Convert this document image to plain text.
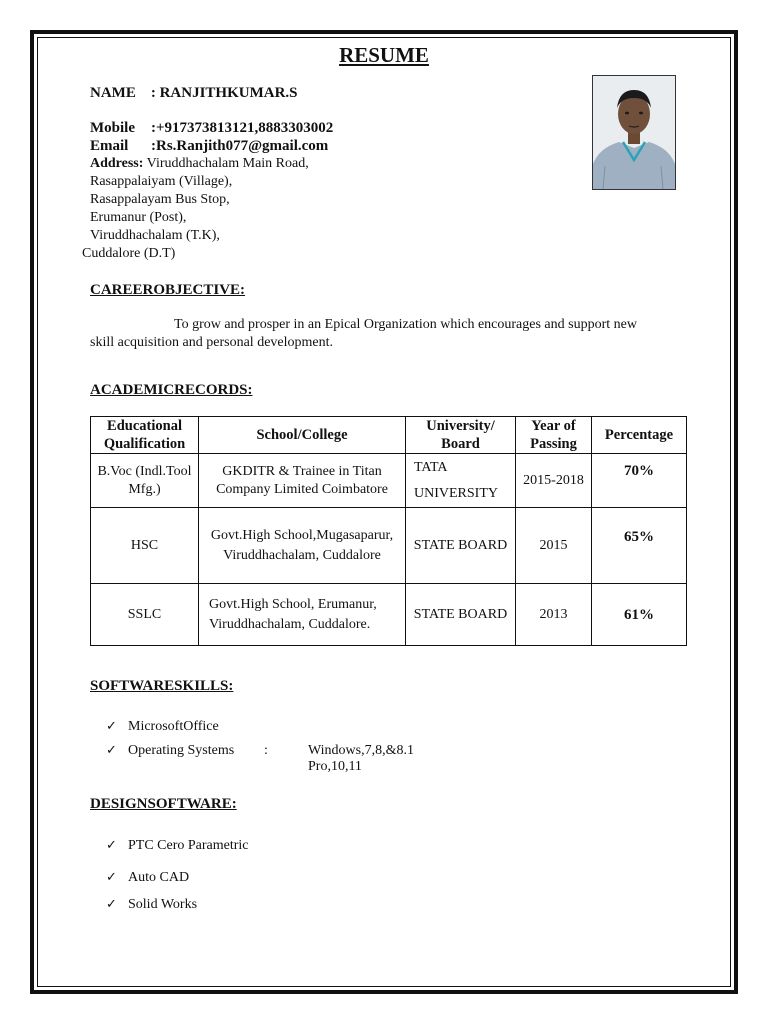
RESUME
NAME : RANJITHKUMAR.S
Mobile :+917373813121,8883303002
Email :Rs.Ranjith077@gmail.com
Address: Viruddhachalam Main Road,
Rasappalaiyam (Village),
Rasappalayam Bus Stop,
Erumanur (Post),
Viruddhachalam (T.K),
Cuddalore (D.T)
CAREEROBJECTIVE:
To grow and prosper in an Epical Organization which encourages and support new
skill acquisition and personal development.
ACADEMICRECORDS:
Educational Qualification	School/College	University/ Board	Year of Passing	Percentage
B.Voc (Indl.Tool Mfg.)	GKDITR & Trainee in Titan Company Limited Coimbatore	TATA UNIVERSITY	2015-2018	70%
HSC	Govt.High School,Mugasaparur, Viruddhachalam, Cuddalore	STATE BOARD	2015	65%
SSLC	Govt.High School, Erumanur, Viruddhachalam, Cuddalore.	STATE BOARD	2013	61%
SOFTWARESKILLS:
✓ MicrosoftOffice
✓ Operating Systems :	Windows,7,8,&8.1 Pro,10,11
DESIGNSOFTWARE:
✓ PTC Cero Parametric
✓ Auto CAD
✓ Solid Works
